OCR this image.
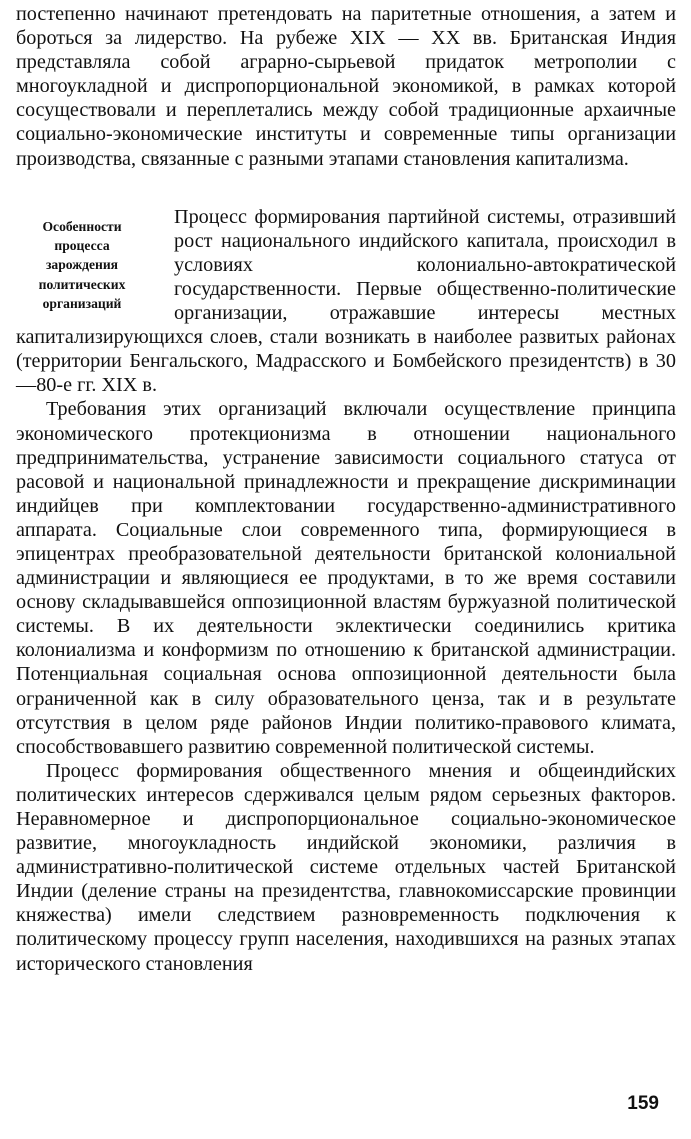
постепенно начинают претендовать на паритетные отношения, а затем и бороться за лидерство. На рубеже XIX — XX вв. Британская Индия представляла собой аграрно-сырьевой придаток метрополии с многоукладной и диспропорциональной экономикой, в рамках которой сосуществовали и переплетались между собой традиционные архаичные социально-экономические институты и современные типы организации производства, связанные с разными этапами становления капитализма.

Особенности
процесса
зарождения
политических
организаций

Процесс формирования партийной системы, отразивший рост национального индийского капитала, происходил в условиях колониально-автократической государственности. Первые общественно-политические организации, отражавшие интересы местных капитализирующихся слоев, стали возникать в наиболее развитых районах (территории Бенгальского, Мадрасского и Бомбейского президентств) в 30—80-е гг. XIX в.

Требования этих организаций включали осуществление принципа экономического протекционизма в отношении национального предпринимательства, устранение зависимости социального статуса от расовой и национальной принадлежности и прекращение дискриминации индийцев при комплектовании государственно-административного аппарата. Социальные слои современного типа, формирующиеся в эпицентрах преобразовательной деятельности британской колониальной администрации и являющиеся ее продуктами, в то же время составили основу складывавшейся оппозиционной властям буржуазной политической системы. В их деятельности эклектически соединились критика колониализма и конформизм по отношению к британской администрации. Потенциальная социальная основа оппозиционной деятельности была ограниченной как в силу образовательного ценза, так и в результате отсутствия в целом ряде районов Индии политико-правового климата, способствовавшего развитию современной политической системы.

Процесс формирования общественного мнения и общеиндийских политических интересов сдерживался целым рядом серьезных факторов. Неравномерное и диспропорциональное социально-экономическое развитие, многоукладность индийской экономики, различия в административно-политической системе отдельных частей Британской Индии (деление страны на президентства, главнокомиссарские провинции княжества) имели следствием разновременность подключения к политическому процессу групп населения, находившихся на разных этапах исторического становления

159
